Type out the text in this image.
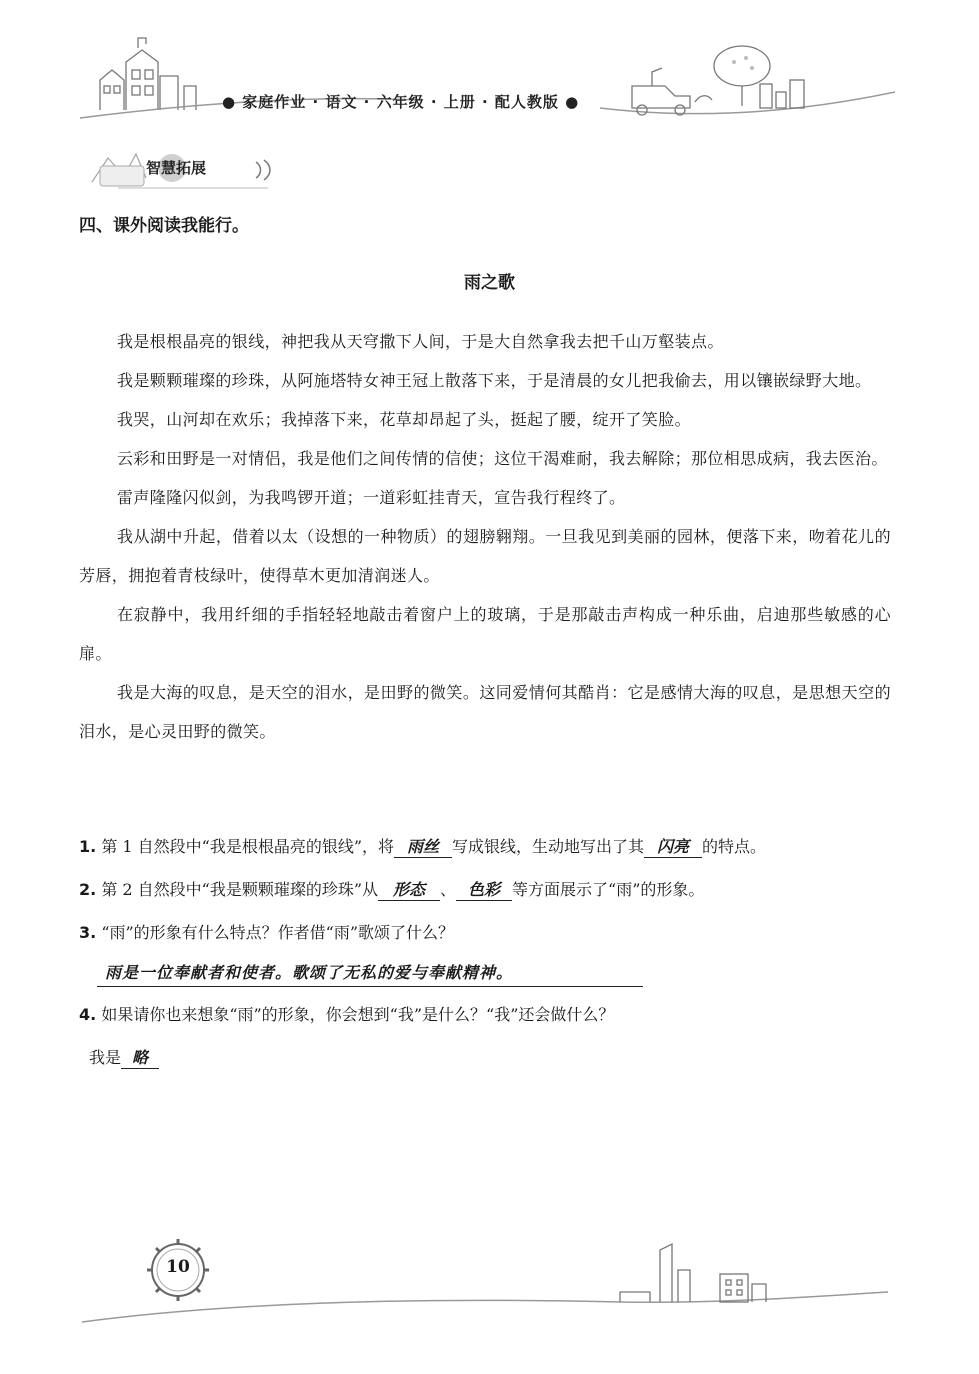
● 家庭作业 · 语文 · 六年级 · 上册 · 配人教版 ●
智慧拓展
四、课外阅读我能行。
雨之歌

我是根根晶亮的银线，神把我从天穹撒下人间，于是大自然拿我去把千山万壑装点。

我是颗颗璀璨的珍珠，从阿施塔特女神王冠上散落下来，于是清晨的女儿把我偷去，用以镶嵌绿野大地。

我哭，山河却在欢乐；我掉落下来，花草却昂起了头，挺起了腰，绽开了笑脸。

云彩和田野是一对情侣，我是他们之间传情的信使；这位干渴难耐，我去解除；那位相思成病，我去医治。

雷声隆隆闪似剑，为我鸣锣开道；一道彩虹挂青天，宣告我行程终了。

我从湖中升起，借着以太（设想的一种物质）的翅膀翱翔。一旦我见到美丽的园林，便落下来，吻着花儿的芳唇，拥抱着青枝绿叶，使得草木更加清润迷人。

在寂静中，我用纤细的手指轻轻地敲击着窗户上的玻璃，于是那敲击声构成一种乐曲，启迪那些敏感的心扉。

我是大海的叹息，是天空的泪水，是田野的微笑。这同爱情何其酷肖：它是感情大海的叹息，是思想天空的泪水，是心灵田野的微笑。

1. 第 1 自然段中“我是根根晶亮的银线”，将 雨丝 写成银线，生动地写出了其 闪亮 的特点。

2. 第 2 自然段中“我是颗颗璀璨的珍珠”从 形态 、 色彩 等方面展示了“雨”的形象。

3. “雨”的形象有什么特点？作者借“雨”歌颂了什么？

雨是一位奉献者和使者。歌颂了无私的爱与奉献精神。

4. 如果请你也来想象“雨”的形象，你会想到“我”是什么？“我”还会做什么？

我是 略

10
